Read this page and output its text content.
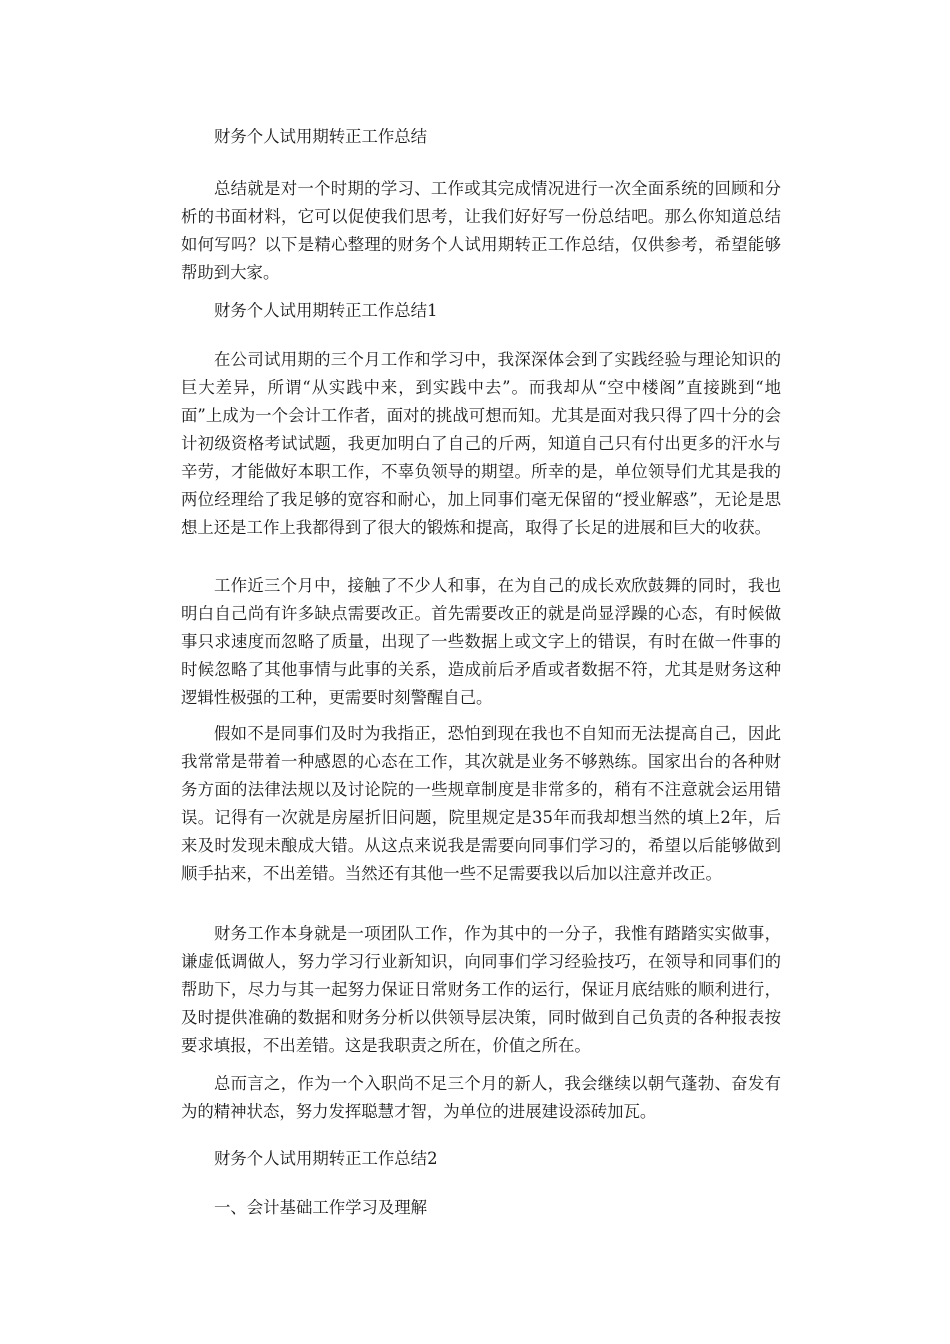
财务个人试用期转正工作总结

总结就是对一个时期的学习、工作或其完成情况进行一次全面系统的回顾和分析的书面材料，它可以促使我们思考，让我们好好写一份总结吧。那么你知道总结如何写吗？以下是精心整理的财务个人试用期转正工作总结，仅供参考，希望能够帮助到大家。

财务个人试用期转正工作总结1

在公司试用期的三个月工作和学习中，我深深体会到了实践经验与理论知识的巨大差异，所谓“从实践中来，到实践中去”。而我却从“空中楼阁”直接跳到“地面”上成为一个会计工作者，面对的挑战可想而知。尤其是面对我只得了四十分的会计初级资格考试试题，我更加明白了自己的斤两，知道自己只有付出更多的汗水与辛劳，才能做好本职工作，不辜负领导的期望。所幸的是，单位领导们尤其是我的两位经理给了我足够的宽容和耐心，加上同事们毫无保留的“授业解惑”，无论是思想上还是工作上我都得到了很大的锻炼和提高，取得了长足的进展和巨大的收获。

工作近三个月中，接触了不少人和事，在为自己的成长欢欣鼓舞的同时，我也明白自己尚有许多缺点需要改正。首先需要改正的就是尚显浮躁的心态，有时候做事只求速度而忽略了质量，出现了一些数据上或文字上的错误，有时在做一件事的时候忽略了其他事情与此事的关系，造成前后矛盾或者数据不符，尤其是财务这种逻辑性极强的工种，更需要时刻警醒自己。

假如不是同事们及时为我指正，恐怕到现在我也不自知而无法提高自己，因此我常常是带着一种感恩的心态在工作，其次就是业务不够熟练。国家出台的各种财务方面的法律法规以及讨论院的一些规章制度是非常多的，稍有不注意就会运用错误。记得有一次就是房屋折旧问题，院里规定是35年而我却想当然的填上2年，后来及时发现未酿成大错。从这点来说我是需要向同事们学习的，希望以后能够做到顺手拈来，不出差错。当然还有其他一些不足需要我以后加以注意并改正。

财务工作本身就是一项团队工作，作为其中的一分子，我惟有踏踏实实做事，谦虚低调做人，努力学习行业新知识，向同事们学习经验技巧，在领导和同事们的帮助下，尽力与其一起努力保证日常财务工作的运行，保证月底结账的顺利进行，及时提供准确的数据和财务分析以供领导层决策，同时做到自己负责的各种报表按要求填报，不出差错。这是我职责之所在，价值之所在。

总而言之，作为一个入职尚不足三个月的新人，我会继续以朝气蓬勃、奋发有为的精神状态，努力发挥聪慧才智，为单位的进展建设添砖加瓦。

财务个人试用期转正工作总结2

一、会计基础工作学习及理解
